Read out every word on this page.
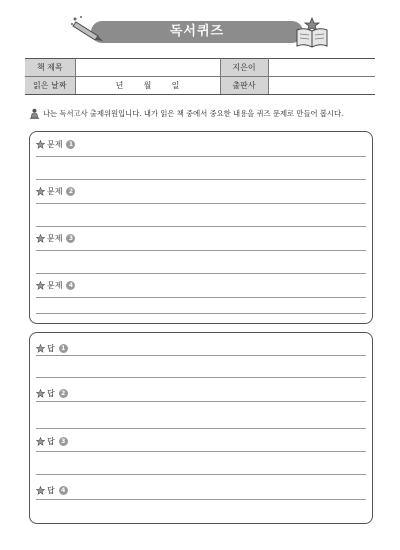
독서퀴즈
책 제목		지은이	
읽은 날짜	년 월 일	출판사	
나는 독서고사 출제위원입니다. 내가 읽은 책 중에서 중요한 내용을 퀴즈 문제로 만들어 봅시다.
문제	1
문제	2
문제	3
문제	4
답	1
답	2
답	3
답	4
